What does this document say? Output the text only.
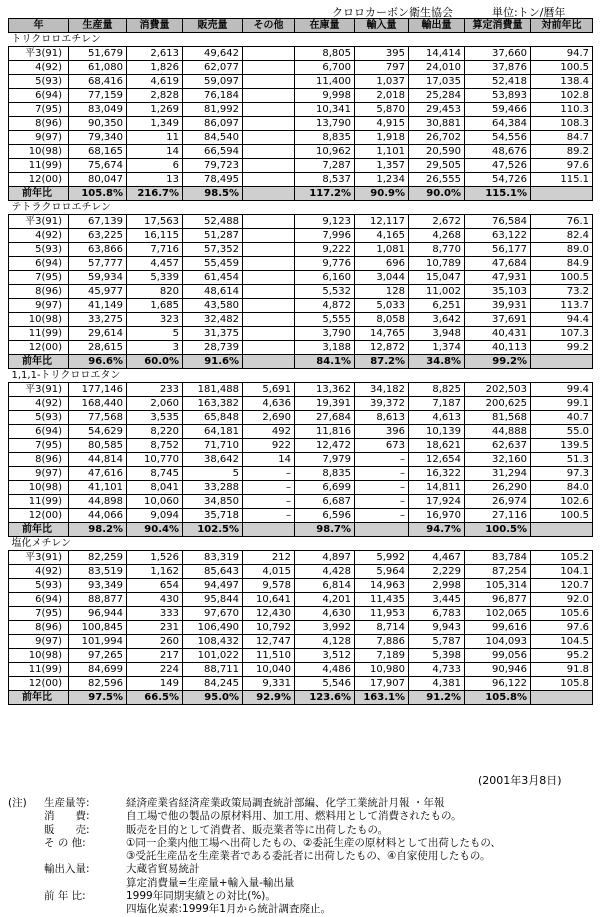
クロロカーボン衛生協会	単位:トン/暦年
年	生産量	消費量	販売量	その他	在庫量	輸入量	輸出量	算定消費量	対前年比
トリクロロエチレン									
平3(91)	51,679	2,613	49,642		8,805	395	14,414	37,660	94.7
4(92)	61,080	1,826	62,077		6,700	797	24,010	37,876	100.5
5(93)	68,416	4,619	59,097		11,400	1,037	17,035	52,418	138.4
6(94)	77,159	2,828	76,184		9,998	2,018	25,284	53,893	102.8
7(95)	83,049	1,269	81,992		10,341	5,870	29,453	59,466	110.3
8(96)	90,350	1,349	86,097		13,790	4,915	30,881	64,384	108.3
9(97)	79,340	11	84,540		8,835	1,918	26,702	54,556	84.7
10(98)	68,165	14	66,594		10,962	1,101	20,590	48,676	89.2
11(99)	75,674	6	79,723		7,287	1,357	29,505	47,526	97.6
12(00)	80,047	13	78,495		8,537	1,234	26,555	54,726	115.1
前年比	105.8%	216.7%	98.5%		117.2%	90.9%	90.0%	115.1%	
テトラクロロエチレン									
平3(91)	67,139	17,563	52,488		9,123	12,117	2,672	76,584	76.1
4(92)	63,225	16,115	51,287		7,996	4,165	4,268	63,122	82.4
5(93)	63,866	7,716	57,352		9,222	1,081	8,770	56,177	89.0
6(94)	57,777	4,457	55,459		9,776	696	10,789	47,684	84.9
7(95)	59,934	5,339	61,454		6,160	3,044	15,047	47,931	100.5
8(96)	45,977	820	48,614		5,532	128	11,002	35,103	73.2
9(97)	41,149	1,685	43,580		4,872	5,033	6,251	39,931	113.7
10(98)	33,275	323	32,482		5,555	8,058	3,642	37,691	94.4
11(99)	29,614	5	31,375		3,790	14,765	3,948	40,431	107.3
12(00)	28,615	3	28,739		3,188	12,872	1,374	40,113	99.2
前年比	96.6%	60.0%	91.6%		84.1%	87.2%	34.8%	99.2%	
1,1,1-トリクロロエタン									
平3(91)	177,146	233	181,488	5,691	13,362	34,182	8,825	202,503	99.4
4(92)	168,440	2,060	163,382	4,636	19,391	39,372	7,187	200,625	99.1
5(93)	77,568	3,535	65,848	2,690	27,684	8,613	4,613	81,568	40.7
6(94)	54,629	8,220	64,181	492	11,816	396	10,139	44,888	55.0
7(95)	80,585	8,752	71,710	922	12,472	673	18,621	62,637	139.5
8(96)	44,814	10,770	38,642	14	7,979	–	12,654	32,160	51.3
9(97)	47,616	8,745	5	–	8,835	–	16,322	31,294	97.3
10(98)	41,101	8,041	33,288	–	6,699	–	14,811	26,290	84.0
11(99)	44,898	10,060	34,850	–	6,687	–	17,924	26,974	102.6
12(00)	44,066	9,094	35,718	–	6,596	–	16,970	27,116	100.5
前年比	98.2%	90.4%	102.5%		98.7%		94.7%	100.5%	
塩化メチレン									
平3(91)	82,259	1,526	83,319	212	4,897	5,992	4,467	83,784	105.2
4(92)	83,519	1,162	85,643	4,015	4,428	5,964	2,229	87,254	104.1
5(93)	93,349	654	94,497	9,578	6,814	14,963	2,998	105,314	120.7
6(94)	88,877	430	95,844	10,641	4,201	11,435	3,445	96,877	92.0
7(95)	96,944	333	97,670	12,430	4,630	11,953	6,783	102,065	105.6
8(96)	100,845	231	106,490	10,792	3,992	8,714	9,943	99,616	97.6
9(97)	101,994	260	108,432	12,747	4,128	7,886	5,787	104,093	104.5
10(98)	97,265	217	101,022	11,510	3,512	7,189	5,398	99,056	95.2
11(99)	84,699	224	88,711	10,040	4,486	10,980	4,733	90,946	91.8
12(00)	82,596	149	84,245	9,331	5,546	17,907	4,381	96,122	105.8
前年比	97.5%	66.5%	95.0%	92.9%	123.6%	163.1%	91.2%	105.8%	
(2001年3月8日)
(注)	生産量等:	経済産業省経済産業政策局調査統計部編、化学工業統計月報 ・年報
消　　費:	自工場で他の製品の原材料用、加工用、燃料用として消費されたもの。
販　　売:	販売を目的として消費者、販売業者等に出荷したもの。
そ の 他:	①同一企業内他工場へ出荷したもの、②委託生産の原材料として出荷したもの、
③受託生産品を生産業者である委託者に出荷したもの、④自家使用したもの。
輸出入量:	大蔵省貿易統計
算定消費量=生産量+輸入量-輸出量
前 年 比:	1999年同期実績との対比(%)。
四塩化炭素:1999年1月から統計調査廃止。
